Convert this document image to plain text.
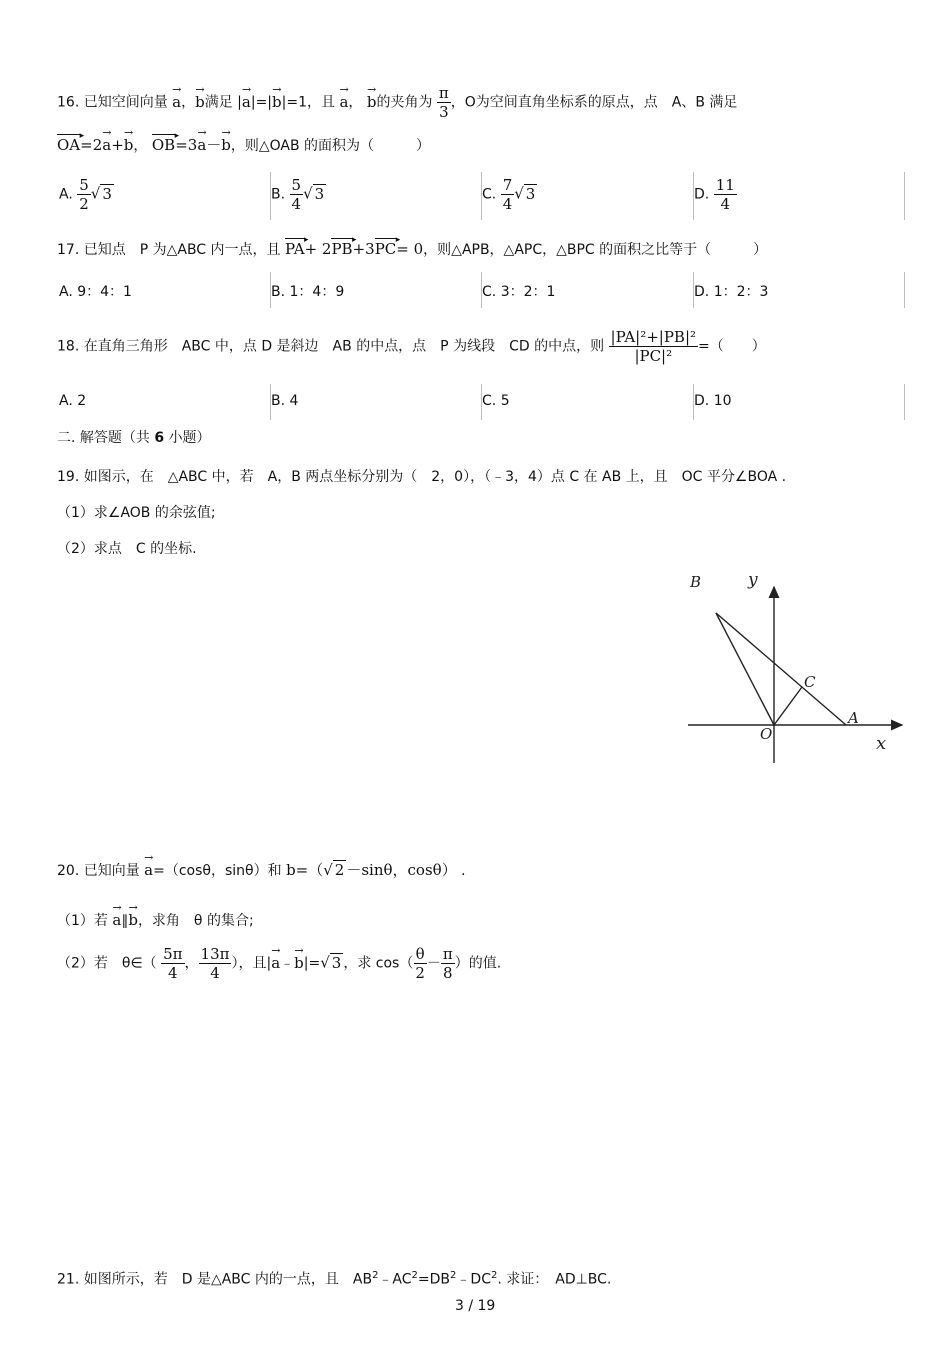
16. 已知空间向量 → a，→ b满足 |→ a|=|→ b|=1，且 → a， → b的夹角为 $\frac{\pi}{3}$ ，O为空间直角坐标系的原点，点　A、B 满足
OA ▸=2→ a+→ b， OB ▸=3→ a－→ b，则△OAB 的面积为（　　　）
A. $\frac{5}{2}$ √ 3	B. $\frac{5}{4}$ √ 3	C. $\frac{7}{4}$ √ 3	D. $\frac{11}{4}$
17. 已知点　P 为△ABC 内一点，且 PA ▸+ 2PB ▸+3PC ▸= 0，则△APB，△APC，△BPC 的面积之比等于（　　　）
A. 9：4：1	B. 1：4：9	C. 3：2：1	D. 1：2：3
18. 在直角三角形　ABC 中，点 D 是斜边　AB 的中点，点　P 为线段　CD 的中点，则 $\frac{\text{|PA|²+|PB|²}}{\text{|PC|²}}$ =（　　）
A. 2	B. 4	C. 5	D. 10
二. 解答题（共 6 小题）
19. 如图示，在　△ABC 中，若　A，B 两点坐标分别为（　2，0），（﹣3，4）点 C 在 AB 上，且　OC 平分∠BOA .
（1）求∠AOB 的余弦值;
（2）求点　C 的坐标.
B	y
C
O
A
x
20. 已知向量 → a=（cosθ，sinθ）和 b=（√ 2 －sinθ，cosθ） .
（1）若 → a∥→ b，求角　θ 的集合;
（2）若　θ∈（ $\frac{5\pi}{4}$ ， $\frac{13\pi}{4}$ ），且|→ a﹣→ b|=√ 3 ，求 $\cos( \frac{\theta}{2} - \frac{\pi}{8}$ ）的值.
21. 如图所示，若　D 是△ABC 内的一点，且　$AB^2﹣AC^2=DB^2﹣DC^2$. 求证：　AD⊥BC.
3 / 19
